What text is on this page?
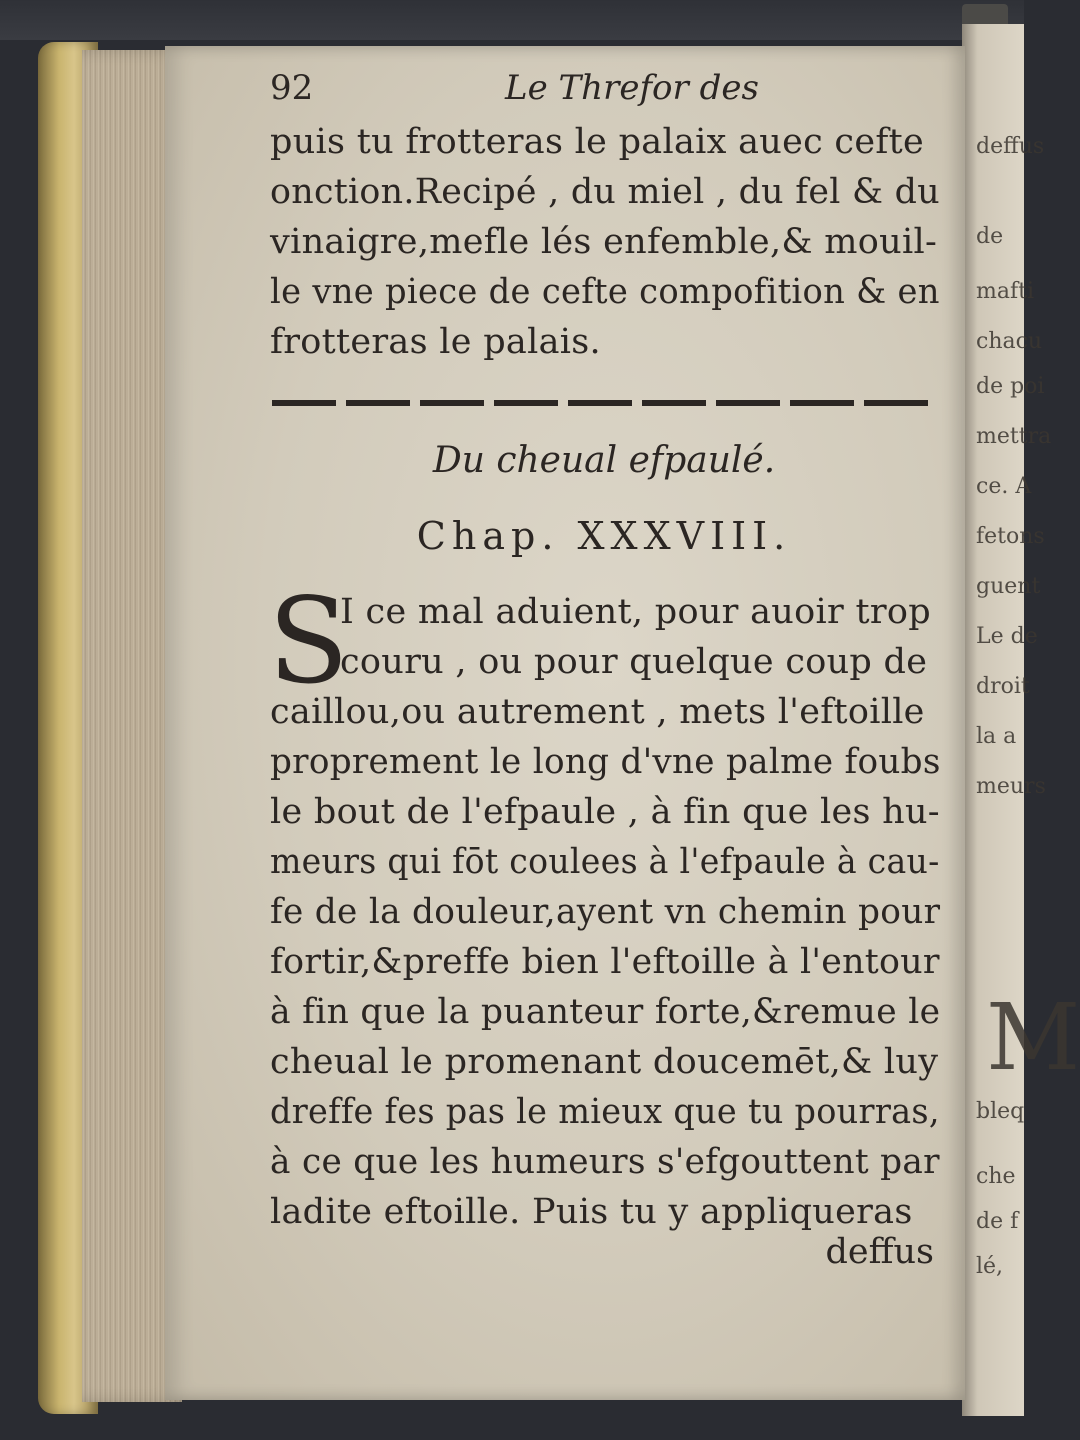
deffus
de
mafti
chacu
de poi
mettra
ce. A
fetons
guent
Le de
droit
la a
meurs
M
bleq
che
de f
lé,
92	Le Threfor des
puis tu frotteras le palaix auec cefte
onction.Recipé , du miel , du fel & du
vinaigre,mefle lés enfemble,& mouil-
le vne piece de cefte compofition & en
frotteras le palais.
Du cheual efpaulé.
Chap. XXXVIII.
S
I ce mal aduient, pour auoir trop
couru , ou pour quelque coup de
caillou,ou autrement , mets l'eftoille
proprement le long d'vne palme foubs
le bout de l'efpaule , à fin que les hu-
meurs qui fōt coulees à l'efpaule à cau-
fe de la douleur,ayent vn chemin pour
fortir,&preffe bien l'eftoille à l'entour
à fin que la puanteur forte,&remue le
cheual le promenant doucemēt,& luy
dreffe fes pas le mieux que tu pourras,
à ce que les humeurs s'efgouttent par
ladite eftoille. Puis tu y appliqueras
deffus
